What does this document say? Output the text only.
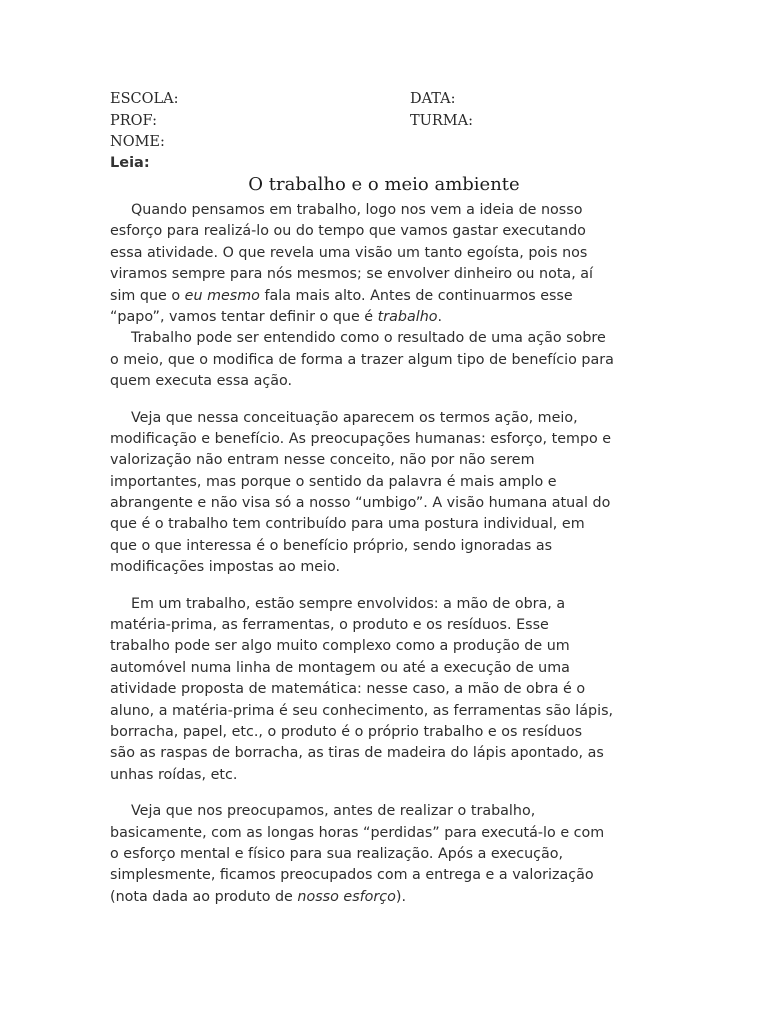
ESCOLA:	DATA:
PROF:	TURMA:
NOME:
Leia:
O trabalho e o meio ambiente
Quando pensamos em trabalho, logo nos vem a ideia de nosso
esforço para realizá-lo ou do tempo que vamos gastar executando
essa atividade. O que revela uma visão um tanto egoísta, pois nos
viramos sempre para nós mesmos; se envolver dinheiro ou nota, aí
sim que o eu mesmo fala mais alto. Antes de continuarmos esse
“papo”, vamos tentar definir o que é trabalho.
Trabalho pode ser entendido como o resultado de uma ação sobre
o meio, que o modifica de forma a trazer algum tipo de benefício para
quem executa essa ação.
Veja que nessa conceituação aparecem os termos ação, meio,
modificação e benefício. As preocupações humanas: esforço, tempo e
valorização não entram nesse conceito, não por não serem
importantes, mas porque o sentido da palavra é mais amplo e
abrangente e não visa só a nosso “umbigo”. A visão humana atual do
que é o trabalho tem contribuído para uma postura individual, em
que o que interessa é o benefício próprio, sendo ignoradas as
modificações impostas ao meio.
Em um trabalho, estão sempre envolvidos: a mão de obra, a
matéria-prima, as ferramentas, o produto e os resíduos. Esse
trabalho pode ser algo muito complexo como a produção de um
automóvel numa linha de montagem ou até a execução de uma
atividade proposta de matemática: nesse caso, a mão de obra é o
aluno, a matéria-prima é seu conhecimento, as ferramentas são lápis,
borracha, papel, etc., o produto é o próprio trabalho e os resíduos
são as raspas de borracha, as tiras de madeira do lápis apontado, as
unhas roídas, etc.
Veja que nos preocupamos, antes de realizar o trabalho,
basicamente, com as longas horas “perdidas” para executá-lo e com
o esforço mental e físico para sua realização. Após a execução,
simplesmente, ficamos preocupados com a entrega e a valorização
(nota dada ao produto de nosso esforço).
